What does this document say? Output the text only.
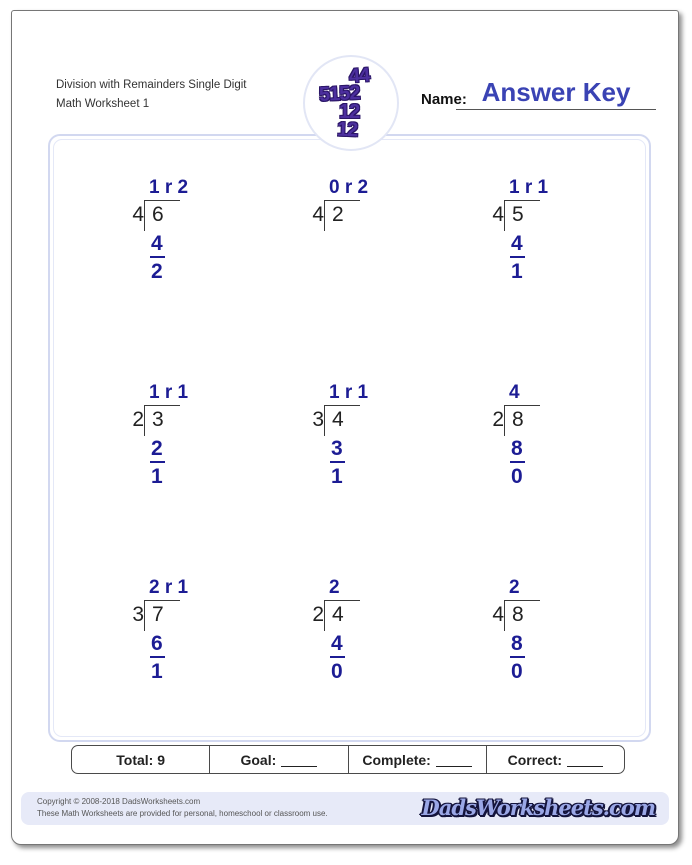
Division with Remainders Single Digit
Math Worksheet 1
44
5152
12
12
Name: Answer Key
1 r 2
4 6
4
2
0 r 2
4 2
1 r 1
4 5
4
1
1 r 1
2 3
2
1
1 r 1
3 4
3
1
4
2 8
8
0
2 r 1
3 7
6
1
2
2 4
4
0
2
4 8
8
0
Total: 9	Goal:	Complete:	Correct:
Copyright © 2008-2018 DadsWorksheets.com
These Math Worksheets are provided for personal, homeschool or classroom use.	DadsWorksheets.com
